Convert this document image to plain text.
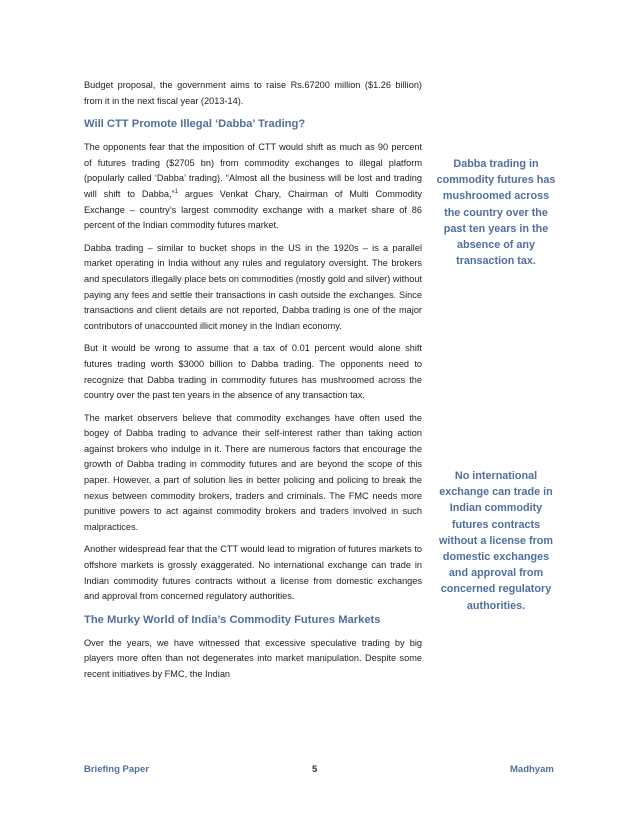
Budget proposal, the government aims to raise Rs.67200 million ($1.26 billion) from it in the next fiscal year (2013-14).

Will CTT Promote Illegal ‘Dabba’ Trading?

The opponents fear that the imposition of CTT would shift as much as 90 percent of futures trading ($2705 bn) from commodity exchanges to illegal platform (popularly called ‘Dabba’ trading). “Almost all the business will be lost and trading will shift to Dabba,”$^1$ argues Venkat Chary, Chairman of Multi Commodity Exchange – country’s largest commodity exchange with a market share of 86 percent of the Indian commodity futures market.

Dabba trading – similar to bucket shops in the US in the 1920s – is a parallel market operating in India without any rules and regulatory oversight. The brokers and speculators illegally place bets on commodities (mostly gold and silver) without paying any fees and settle their transactions in cash outside the exchanges. Since transactions and client details are not reported, Dabba trading is one of the major contributors of unaccounted illicit money in the Indian economy.

But it would be wrong to assume that a tax of 0.01 percent would alone shift futures trading worth $3000 billion to Dabba trading. The opponents need to recognize that Dabba trading in commodity futures has mushroomed across the country over the past ten years in the absence of any transaction tax.

The market observers believe that commodity exchanges have often used the bogey of Dabba trading to advance their self-interest rather than taking action against brokers who indulge in it. There are numerous factors that encourage the growth of Dabba trading in commodity futures and are beyond the scope of this paper. However, a part of solution lies in better policing and policing to break the nexus between commodity brokers, traders and criminals. The FMC needs more punitive powers to act against commodity brokers and traders involved in such malpractices.

Another widespread fear that the CTT would lead to migration of futures markets to offshore markets is grossly exaggerated. No international exchange can trade in Indian commodity futures contracts without a license from domestic exchanges and approval from concerned regulatory authorities.

The Murky World of India’s Commodity Futures Markets

Over the years, we have witnessed that excessive speculative trading by big players more often than not degenerates into market manipulation. Despite some recent initiatives by FMC, the Indian

Dabba trading in commodity futures has mushroomed across the country over the past ten years in the absence of any transaction tax.
No international exchange can trade in Indian commodity futures contracts without a license from domestic exchanges and approval from concerned regulatory authorities.
Briefing Paper	5	Madhyam
